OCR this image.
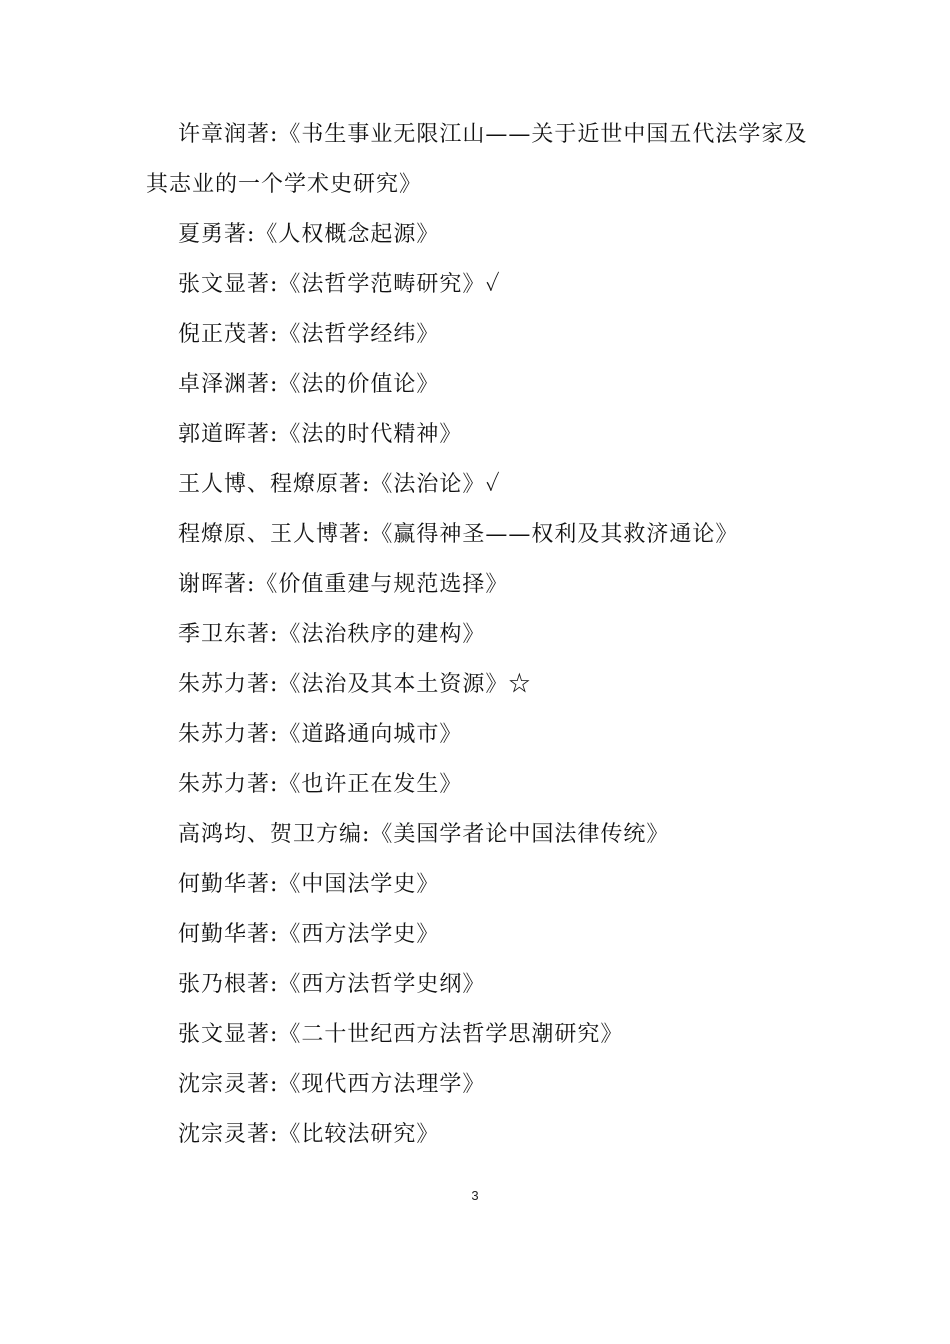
许章润著:《书生事业无限江山——关于近世中国五代法学家及其志业的一个学术史研究》
夏勇著:《人权概念起源》
张文显著:《法哲学范畴研究》✓
倪正茂著:《法哲学经纬》
卓泽渊著:《法的价值论》
郭道晖著:《法的时代精神》
王人博、程燎原著:《法治论》✓
程燎原、王人博著:《赢得神圣——权利及其救济通论》
谢晖著:《价值重建与规范选择》
季卫东著:《法治秩序的建构》
朱苏力著:《法治及其本土资源》☆
朱苏力著:《道路通向城市》
朱苏力著:《也许正在发生》
高鸿均、贺卫方编:《美国学者论中国法律传统》
何勤华著:《中国法学史》
何勤华著:《西方法学史》
张乃根著:《西方法哲学史纲》
张文显著:《二十世纪西方法哲学思潮研究》
沈宗灵著:《现代西方法理学》
沈宗灵著:《比较法研究》
3
